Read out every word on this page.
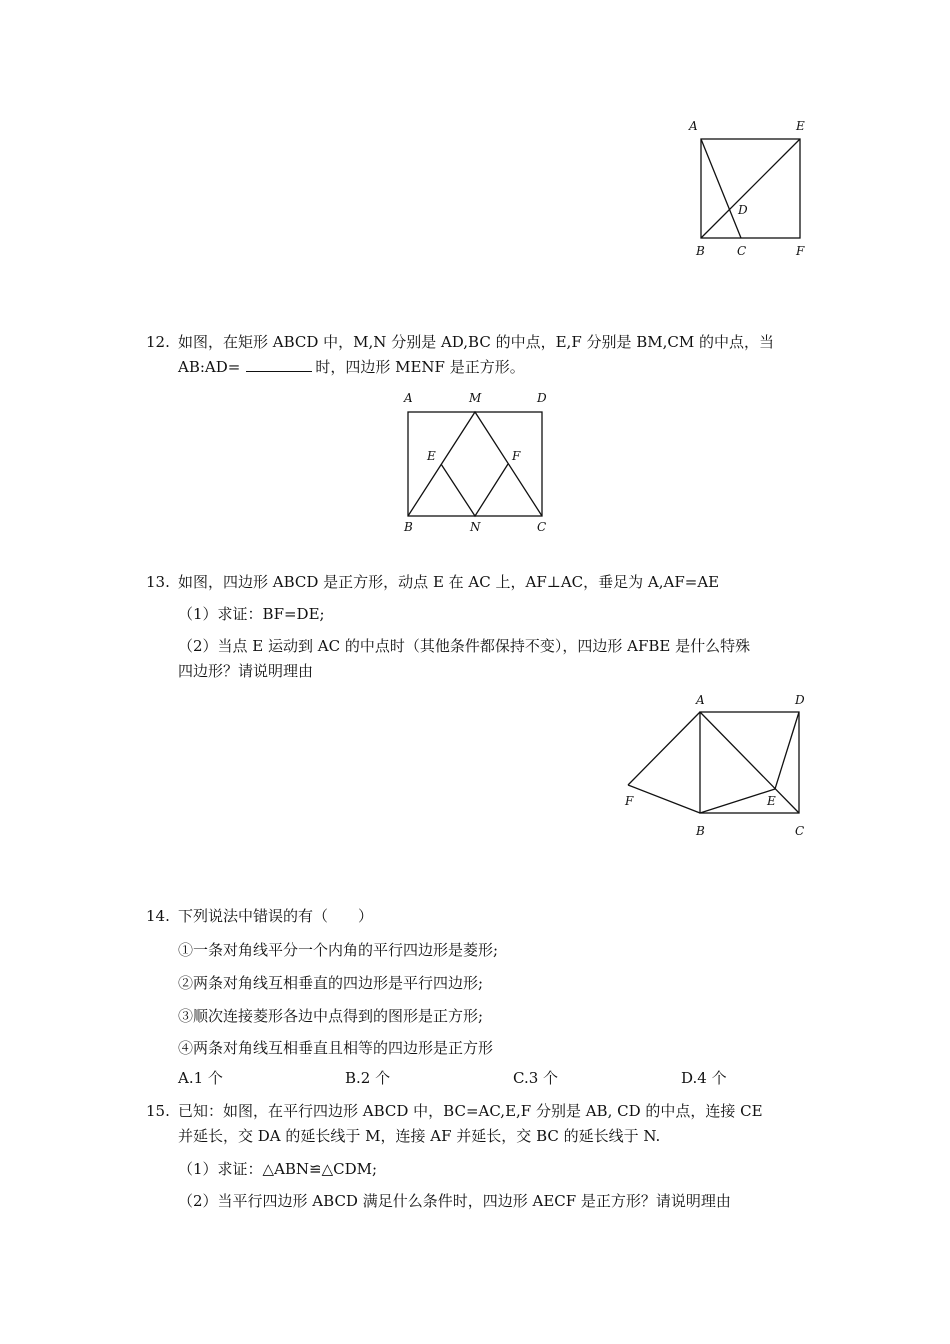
A	E
D
B	C	F
12. 如图，在矩形 ABCD 中，M,N 分别是 AD,BC 的中点，E,F 分别是 BM,CM 的中点，当
AB:AD=	时，四边形 MENF 是正方形。
A	M	D
E	F
B	N	C
13. 如图，四边形 ABCD 是正方形，动点 E 在 AC 上，AF⊥AC，垂足为 A,AF=AE
（1）求证：BF=DE;
（2）当点 E 运动到 AC 的中点时（其他条件都保持不变），四边形 AFBE 是什么特殊
四边形？请说明理由
A	D
F	E
B	C
14. 下列说法中错误的有（　　）
①一条对角线平分一个内角的平行四边形是菱形;
②两条对角线互相垂直的四边形是平行四边形;
③顺次连接菱形各边中点得到的图形是正方形;
④两条对角线互相垂直且相等的四边形是正方形
A.1 个	B.2 个	C.3 个	D.4 个
15. 已知：如图，在平行四边形 ABCD 中，BC=AC,E,F 分别是 AB, CD 的中点，连接 CE
并延长，交 DA 的延长线于 M，连接 AF 并延长，交 BC 的延长线于 N.
（1）求证：△ABN≌△CDM;
（2）当平行四边形 ABCD 满足什么条件时，四边形 AECF 是正方形？请说明理由
